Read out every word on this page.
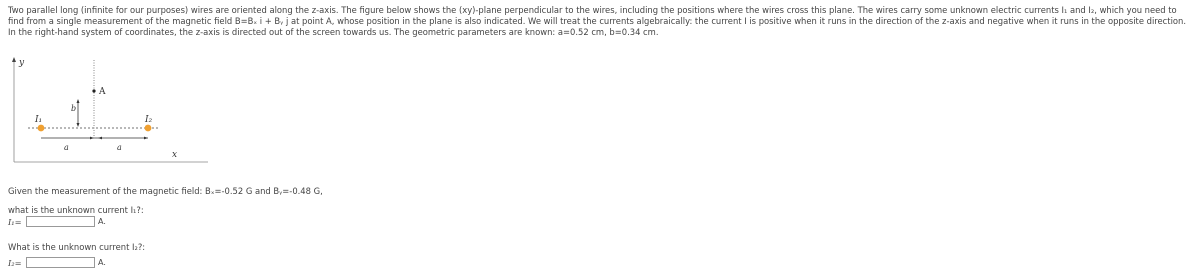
Two parallel long (infinite for our purposes) wires are oriented along the z-axis. The figure below shows the (xy)-plane perpendicular to the wires, including the positions where the wires cross this plane. The wires carry some unknown electric currents I₁ and I₂, which you need to find from a single measurement of the magnetic field B=Bₓ i + Bᵧ j at point A, whose position in the plane is also indicated. We will treat the currents algebraically: the current I is positive when it runs in the direction of the z-axis and negative when it runs in the opposite direction. In the right-hand system of coordinates, the z-axis is directed out of the screen towards us. The geometric parameters are known: a=0.52 cm, b=0.34 cm.
y
x
I₁	I₂
A
b
a	a
Given the measurement of the magnetic field: Bₓ=-0.52 G and Bᵧ=-0.48 G,
what is the unknown current I₁?:
I₁=	A.
What is the unknown current I₂?:
I₂=	A.
